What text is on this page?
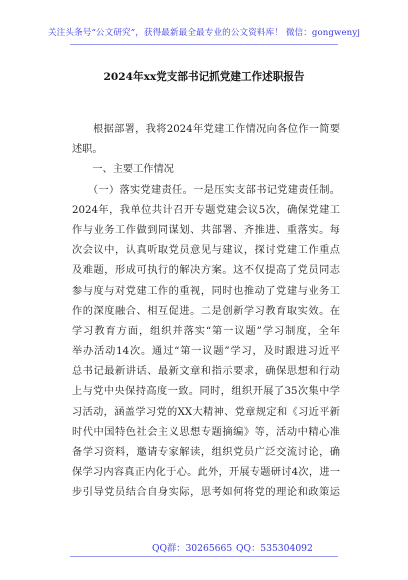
关注头条号“公文研究”，获得最新最全最专业的公文资料库！ 微信：gongwenyj
2024年xx党支部书记抓党建工作述职报告
　　根据部署，我将2024年党建工作情况向各位作一简要
述职。
　　一、主要工作情况
　　（一）落实党建责任。一是压实支部书记党建责任制。
2024年，我单位共计召开专题党建会议5次，确保党建工
作与业务工作做到同谋划、共部署、齐推进、重落实。每
次会议中，认真听取党员意见与建议，探讨党建工作重点
及难题，形成可执行的解决方案。这不仅提高了党员同志
参与度与对党建工作的重视，同时也推动了党建与业务工
作的深度融合、相互促进。二是创新学习教育取实效。在
学习教育方面，组织并落实“第一议题”学习制度，全年
举办活动14次。通过“第一议题”学习，及时跟进习近平
总书记最新讲话、最新文章和指示要求，确保思想和行动
上与党中央保持高度一致。同时，组织开展了35次集中学
习活动，涵盖学习党的XX大精神、党章规定和《习近平新
时代中国特色社会主义思想专题摘编》等，活动中精心准
备学习资料，邀请专家解读，组织党员广泛交流讨论，确
保学习内容真正内化于心。此外，开展专题研讨4次，进一
步引导党员结合自身实际，思考如何将党的理论和政策运
QQ群：30265665 QQ：535304092
